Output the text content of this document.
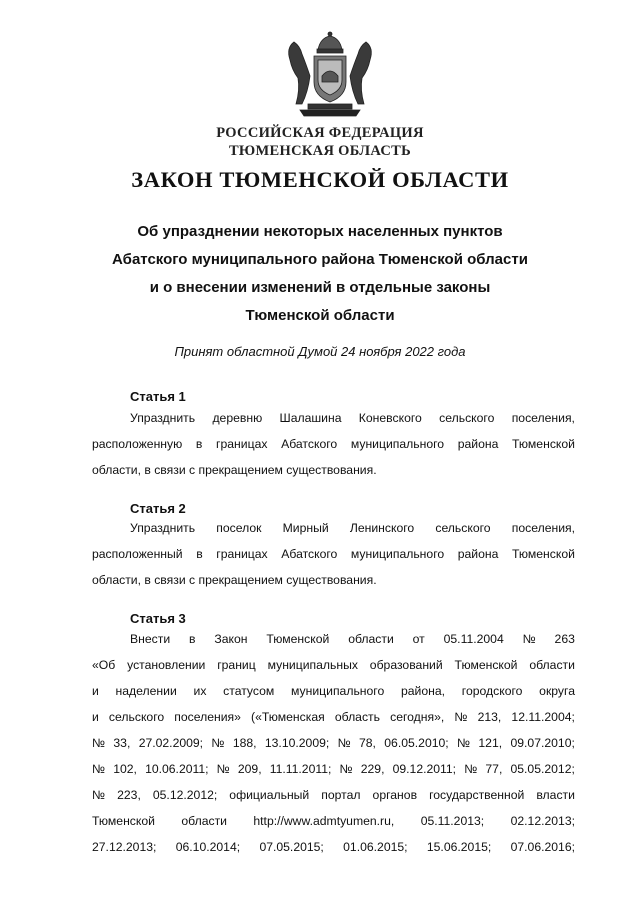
РОССИЙСКАЯ ФЕДЕРАЦИЯ
ТЮМЕНСКАЯ ОБЛАСТЬ
ЗАКОН ТЮМЕНСКОЙ ОБЛАСТИ
Об упразднении некоторых населенных пунктов
Абатского муниципального района Тюменской области
и о внесении изменений в отдельные законы
Тюменской области
Принят областной Думой 24 ноября 2022 года
Статья 1
Упразднить деревню Шалашина Коневского сельского поселения,
расположенную в границах Абатского муниципального района Тюменской
области, в связи с прекращением существования.
Статья 2
Упразднить поселок Мирный Ленинского сельского поселения,
расположенный в границах Абатского муниципального района Тюменской
области, в связи с прекращением существования.
Статья 3
Внести в Закон Тюменской области от 05.11.2004 № 263
«Об установлении границ муниципальных образований Тюменской области
и наделении их статусом муниципального района, городского округа
и сельского поселения» («Тюменская область сегодня», № 213, 12.11.2004;
№ 33, 27.02.2009; № 188, 13.10.2009; № 78, 06.05.2010; № 121, 09.07.2010;
№ 102, 10.06.2011; № 209, 11.11.2011; № 229, 09.12.2011; № 77, 05.05.2012;
№ 223, 05.12.2012; официальный портал органов государственной власти
Тюменской области http://www.admtyumen.ru, 05.11.2013; 02.12.2013;
27.12.2013; 06.10.2014; 07.05.2015; 01.06.2015; 15.06.2015; 07.06.2016;
